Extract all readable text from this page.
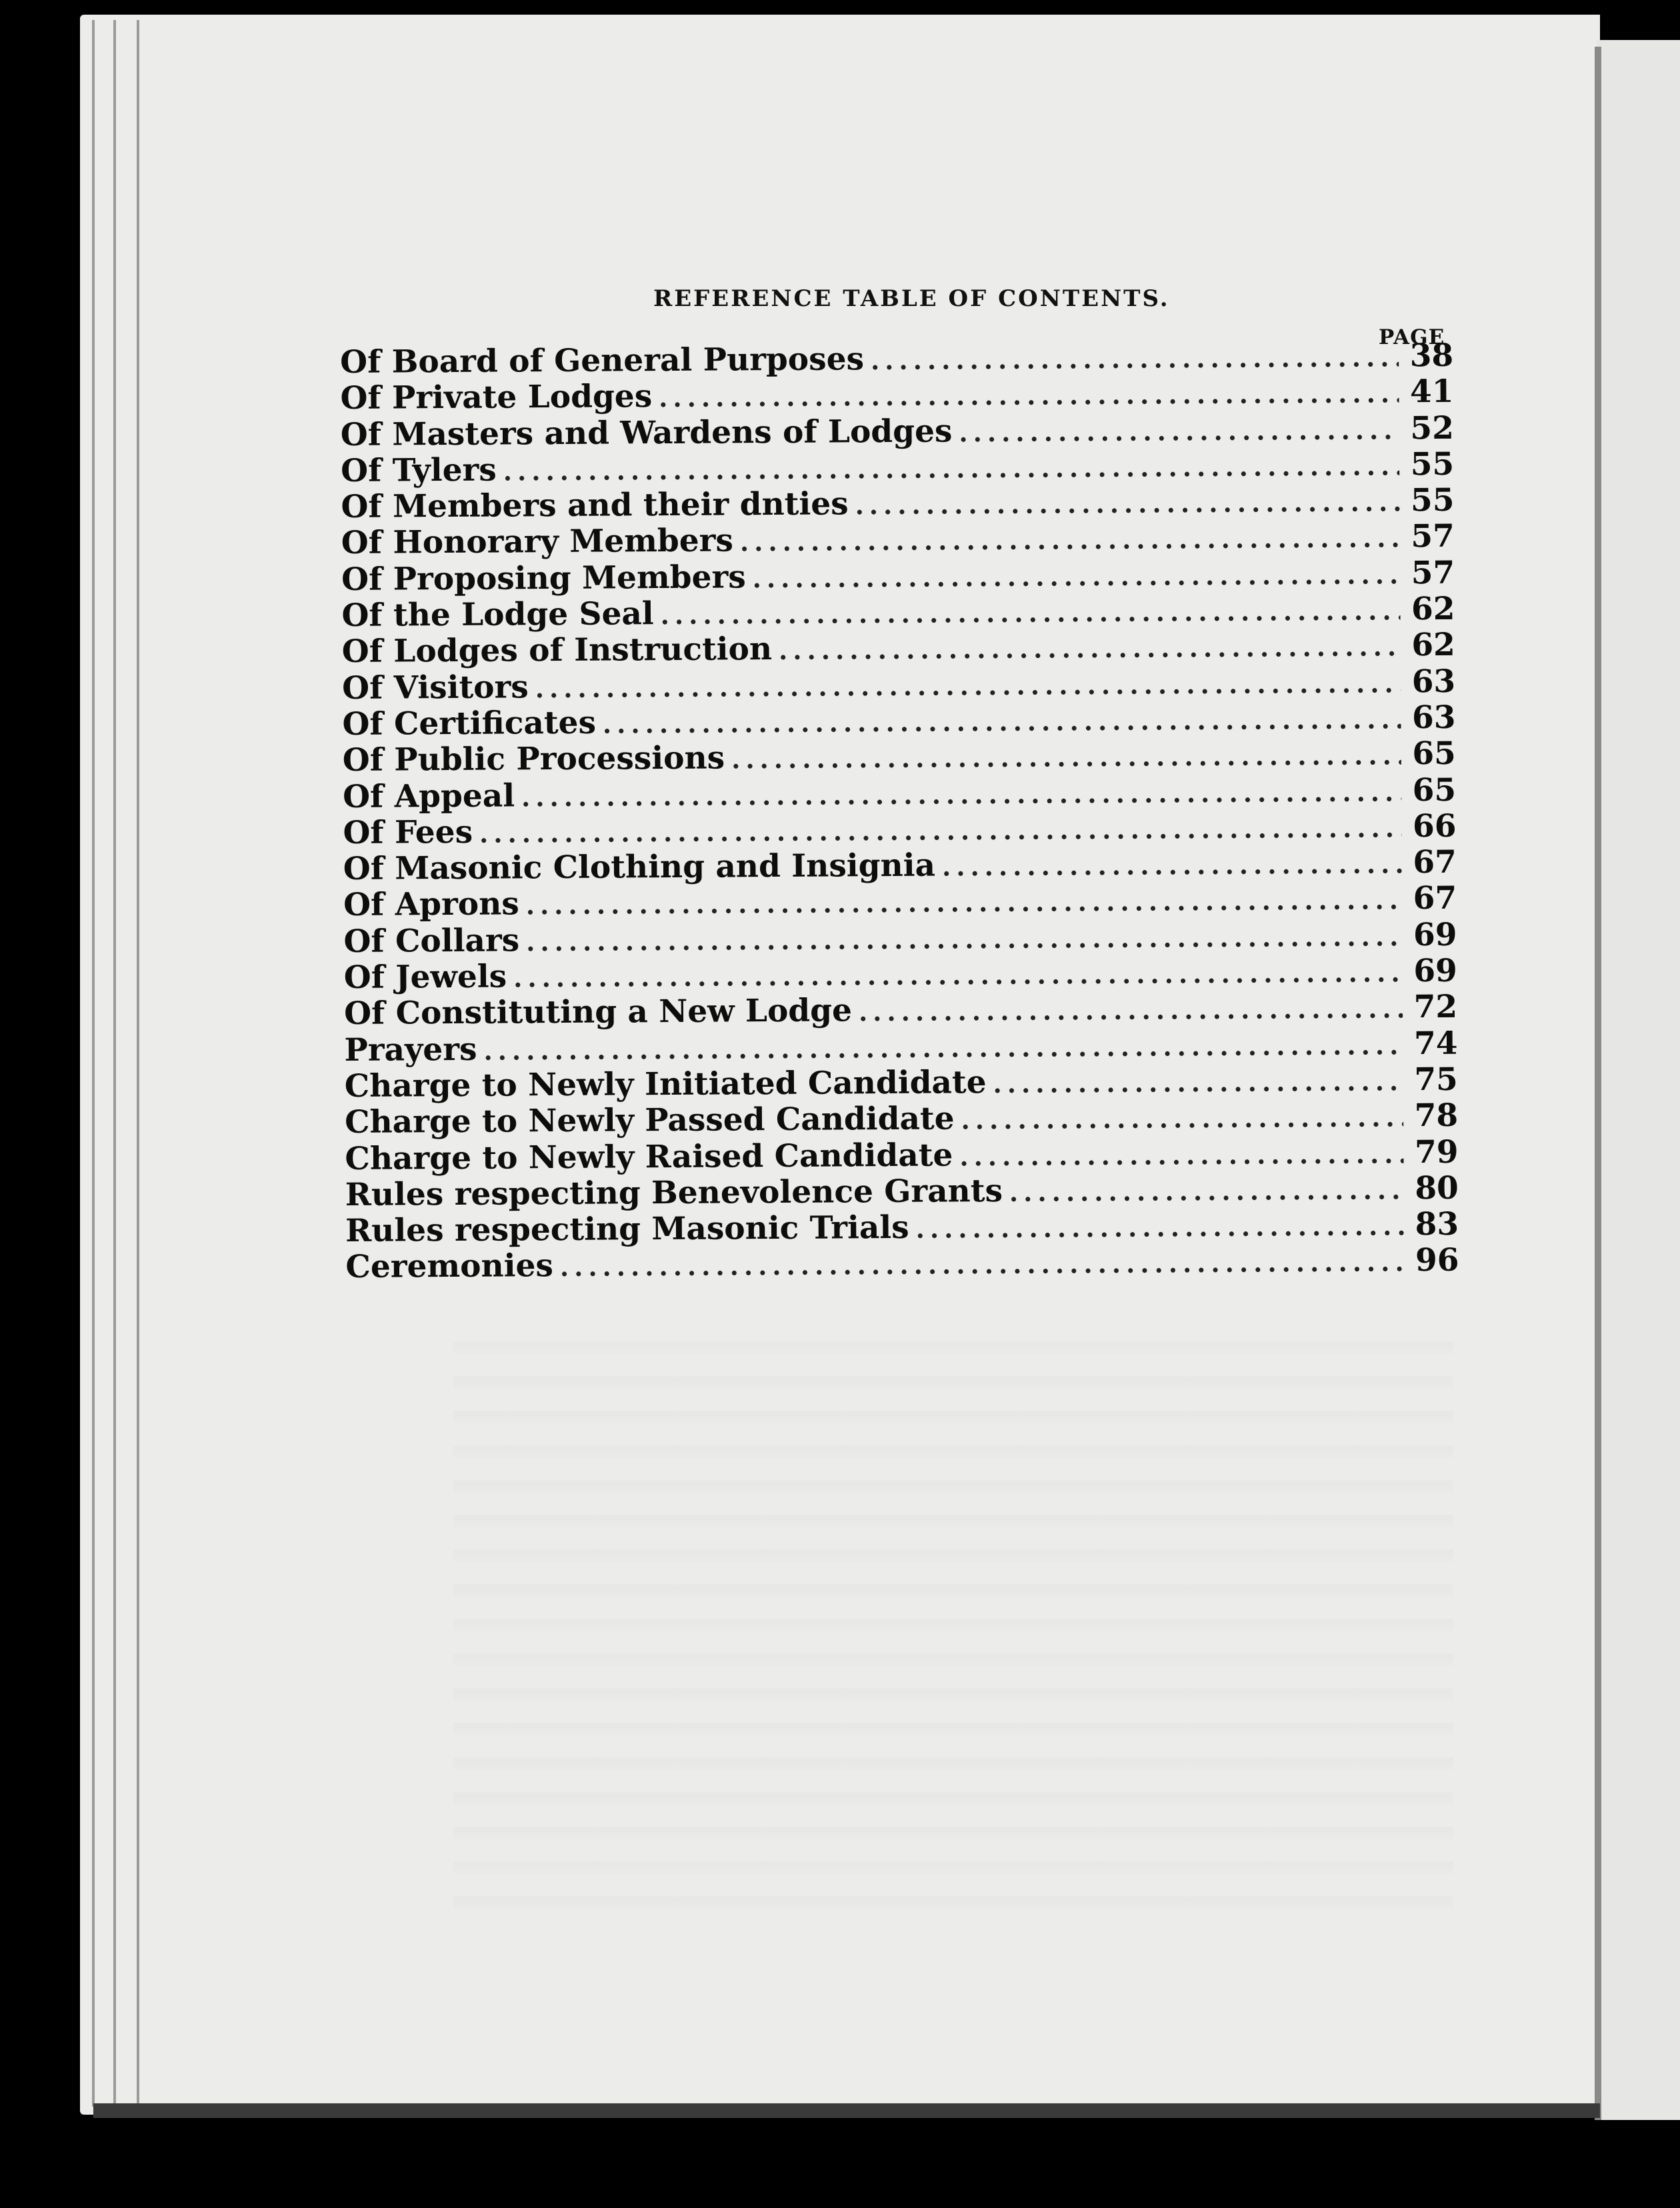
REFERENCE TABLE OF CONTENTS.
PAGE
Of Board of General Purposes .....	38
Of Private Lodges .....	41
Of Masters and Wardens of Lodges .....	52
Of Tylers .....	55
Of Members and their dnties .....	55
Of Honorary Members .....	57
Of Proposing Members .....	57
Of the Lodge Seal .....	62
Of Lodges of Instruction .....	62
Of Visitors .....	63
Of Certificates .....	63
Of Public Processions .....	65
Of Appeal .....	65
Of Fees .....	66
Of Masonic Clothing and Insignia .....	67
Of Aprons .....	67
Of Collars .....	69
Of Jewels .....	69
Of Constituting a New Lodge .....	72
Prayers .....	74
Charge to Newly Initiated Candidate .....	75
Charge to Newly Passed Candidate .....	78
Charge to Newly Raised Candidate .....	79
Rules respecting Benevolence Grants .....	80
Rules respecting Masonic Trials .....	83
Ceremonies .....	96
